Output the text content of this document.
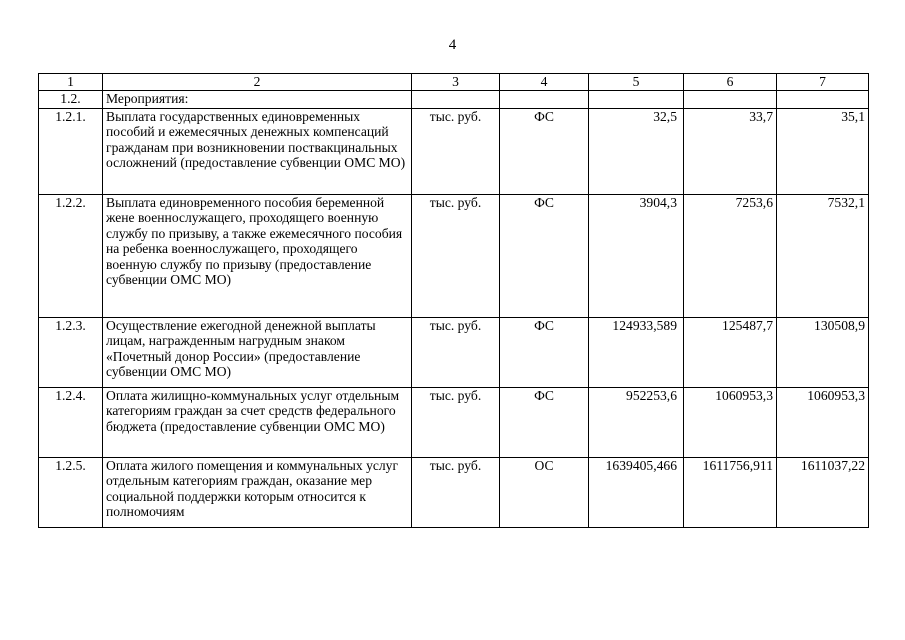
4
1	2	3	4	5	6	7
1.2.	Мероприятия:					
1.2.1.	Выплата государственных единовременных пособий и ежемесячных денежных компенсаций гражданам при возникновении поствакцинальных осложнений (предоставление субвенции ОМС МО)	тыс. руб.	ФС	32,5	33,7	35,1
1.2.2.	Выплата единовременного пособия беременной жене военнослужащего, проходящего военную службу по призыву, а также ежемесячного пособия на ребенка военнослужащего, проходящего военную службу по призыву (предоставление субвенции ОМС МО)	тыс. руб.	ФС	3904,3	7253,6	7532,1
1.2.3.	Осуществление ежегодной денежной выплаты лицам, награжденным нагрудным знаком «Почетный донор России» (предоставление субвенции ОМС МО)	тыс. руб.	ФС	124933,589	125487,7	130508,9
1.2.4.	Оплата жилищно-коммунальных услуг отдельным категориям граждан за счет средств федерального бюджета (предоставление субвенции ОМС МО)	тыс. руб.	ФС	952253,6	1060953,3	1060953,3
1.2.5.	Оплата жилого помещения и коммунальных услуг отдельным категориям граждан, оказание мер социальной поддержки которым относится к полномочиям	тыс. руб.	ОС	1639405,466	1611756,911	1611037,22
